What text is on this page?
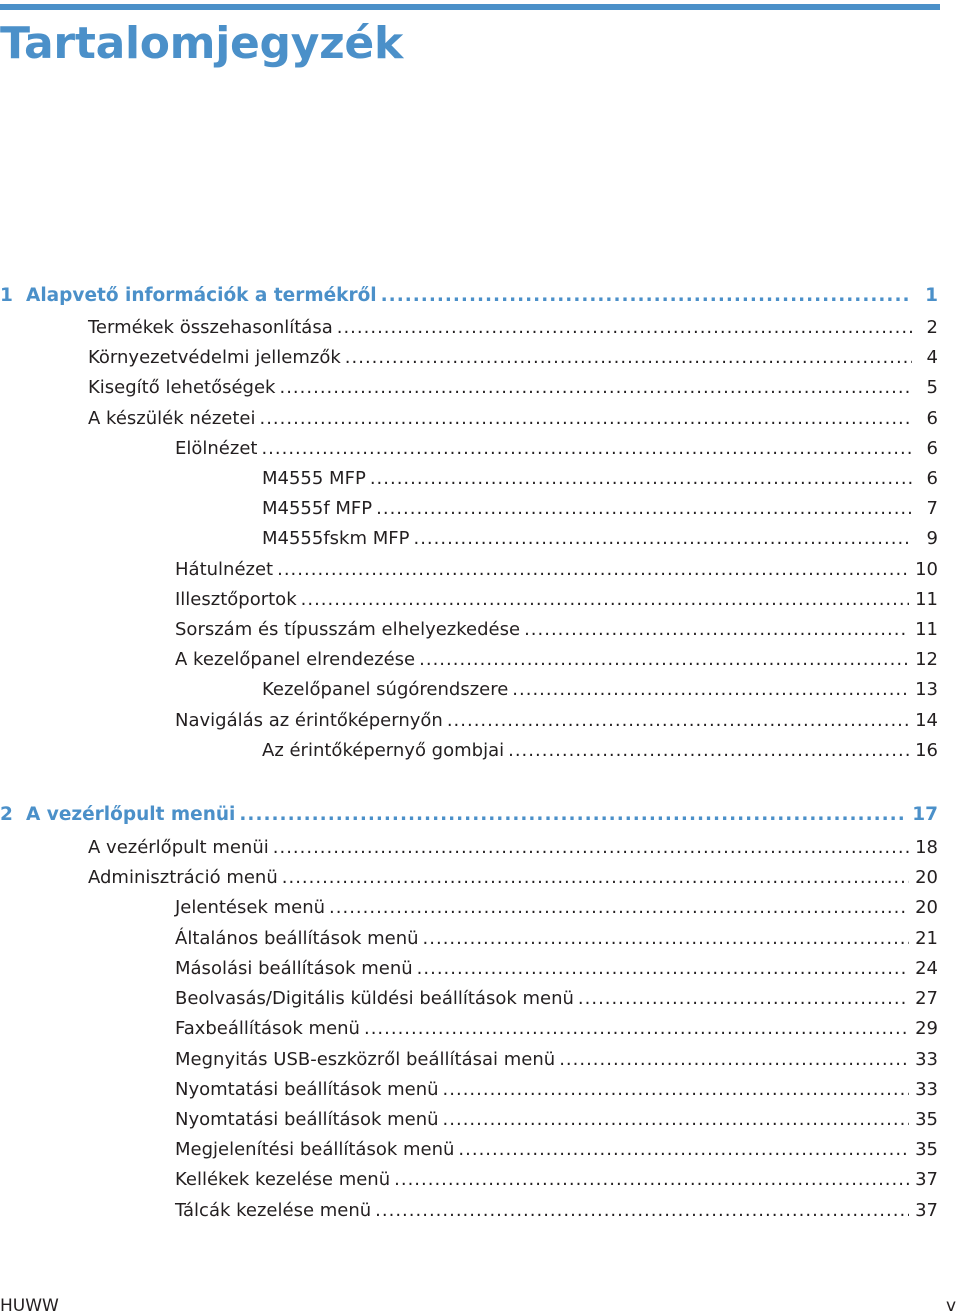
Tartalomjegyzék
1 Alapvető információk a termékről .....	1
Termékek összehasonlítása .....	2
Környezetvédelmi jellemzők .....	4
Kisegítő lehetőségek .....	5
A készülék nézetei .....	6
Elölnézet .....	6
M4555 MFP .....	6
M4555f MFP .....	7
M4555fskm MFP .....	9
Hátulnézet .....	10
Illesztőportok .....	11
Sorszám és típusszám elhelyezkedése .....	11
A kezelőpanel elrendezése .....	12
Kezelőpanel súgórendszere .....	13
Navigálás az érintőképernyőn .....	14
Az érintőképernyő gombjai .....	16
2 A vezérlőpult menüi .....	17
A vezérlőpult menüi .....	18
Adminisztráció menü .....	20
Jelentések menü .....	20
Általános beállítások menü .....	21
Másolási beállítások menü .....	24
Beolvasás/Digitális küldési beállítások menü .....	27
Faxbeállítások menü .....	29
Megnyitás USB-eszközről beállításai menü .....	33
Nyomtatási beállítások menü .....	33
Nyomtatási beállítások menü .....	35
Megjelenítési beállítások menü .....	35
Kellékek kezelése menü .....	37
Tálcák kezelése menü .....	37
HUWW	v
